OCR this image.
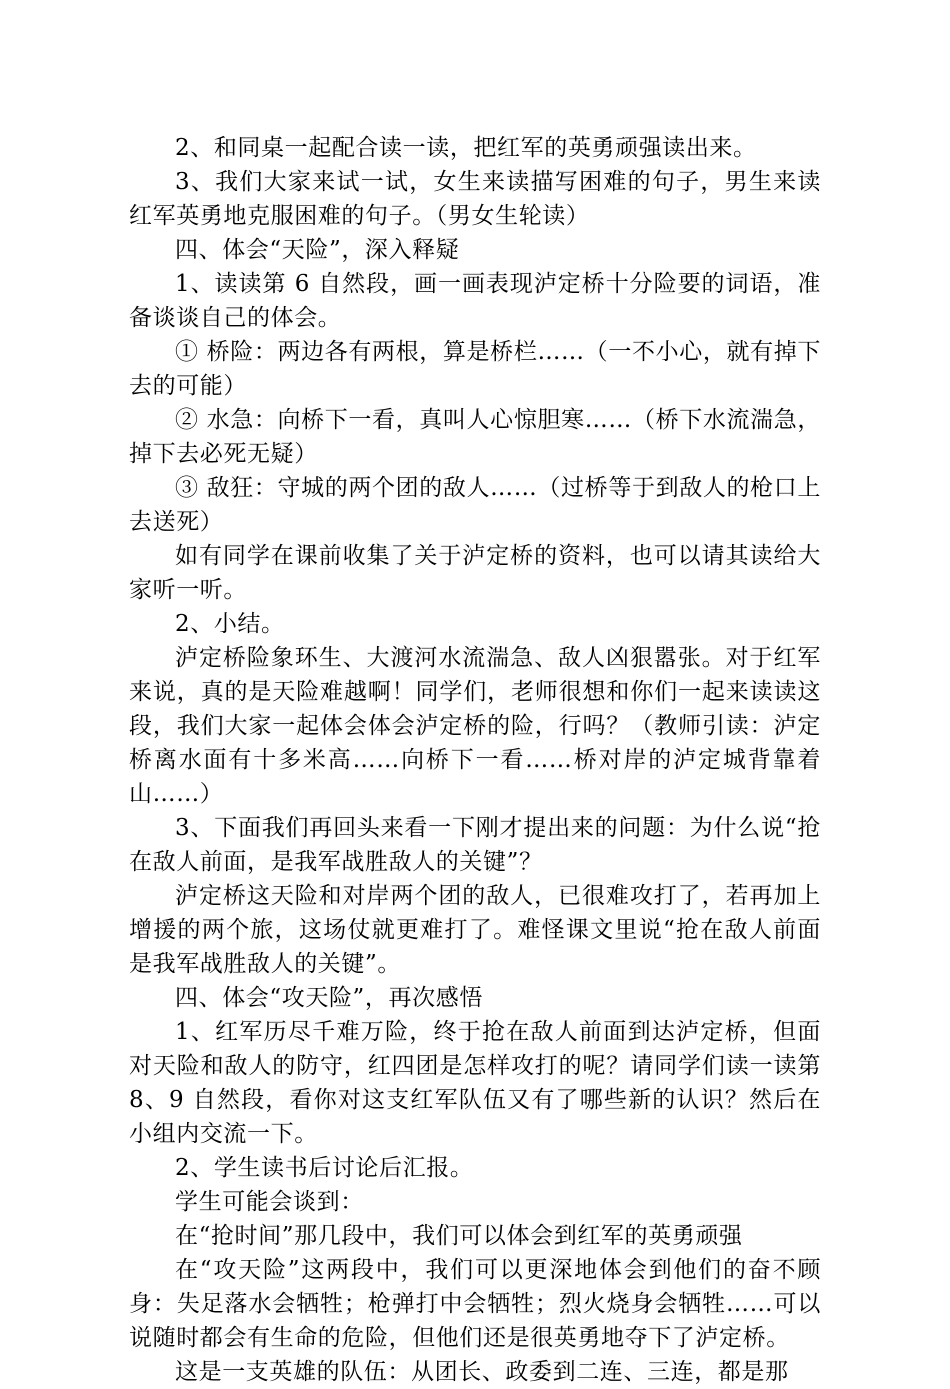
2、和同桌一起配合读一读，把红军的英勇顽强读出来。

3、我们大家来试一试，女生来读描写困难的句子，男生来读红军英勇地克服困难的句子。（男女生轮读）

四、体会“天险”，深入释疑

1、读读第 6 自然段，画一画表现泸定桥十分险要的词语，准备谈谈自己的体会。

① 桥险：两边各有两根，算是桥栏……（一不小心，就有掉下去的可能）

② 水急：向桥下一看，真叫人心惊胆寒……（桥下水流湍急，掉下去必死无疑）

③ 敌狂：守城的两个团的敌人……（过桥等于到敌人的枪口上去送死）

如有同学在课前收集了关于泸定桥的资料，也可以请其读给大家听一听。

2、小结。

泸定桥险象环生、大渡河水流湍急、敌人凶狠嚣张。对于红军来说，真的是天险难越啊！同学们，老师很想和你们一起来读读这段，我们大家一起体会体会泸定桥的险，行吗？（教师引读：泸定桥离水面有十多米高……向桥下一看……桥对岸的泸定城背靠着山……）

3、下面我们再回头来看一下刚才提出来的问题：为什么说“抢在敌人前面，是我军战胜敌人的关键”？

泸定桥这天险和对岸两个团的敌人，已很难攻打了，若再加上增援的两个旅，这场仗就更难打了。难怪课文里说“抢在敌人前面是我军战胜敌人的关键”。

四、体会“攻天险”，再次感悟

1、红军历尽千难万险，终于抢在敌人前面到达泸定桥，但面对天险和敌人的防守，红四团是怎样攻打的呢？请同学们读一读第 8、9 自然段，看你对这支红军队伍又有了哪些新的认识？然后在小组内交流一下。

2、学生读书后讨论后汇报。

学生可能会谈到：

在“抢时间”那几段中，我们可以体会到红军的英勇顽强

在“攻天险”这两段中，我们可以更深地体会到他们的奋不顾身：失足落水会牺牲；枪弹打中会牺牲；烈火烧身会牺牲……可以说随时都会有生命的危险，但他们还是很英勇地夺下了泸定桥。

这是一支英雄的队伍：从团长、政委到二连、三连，都是那
